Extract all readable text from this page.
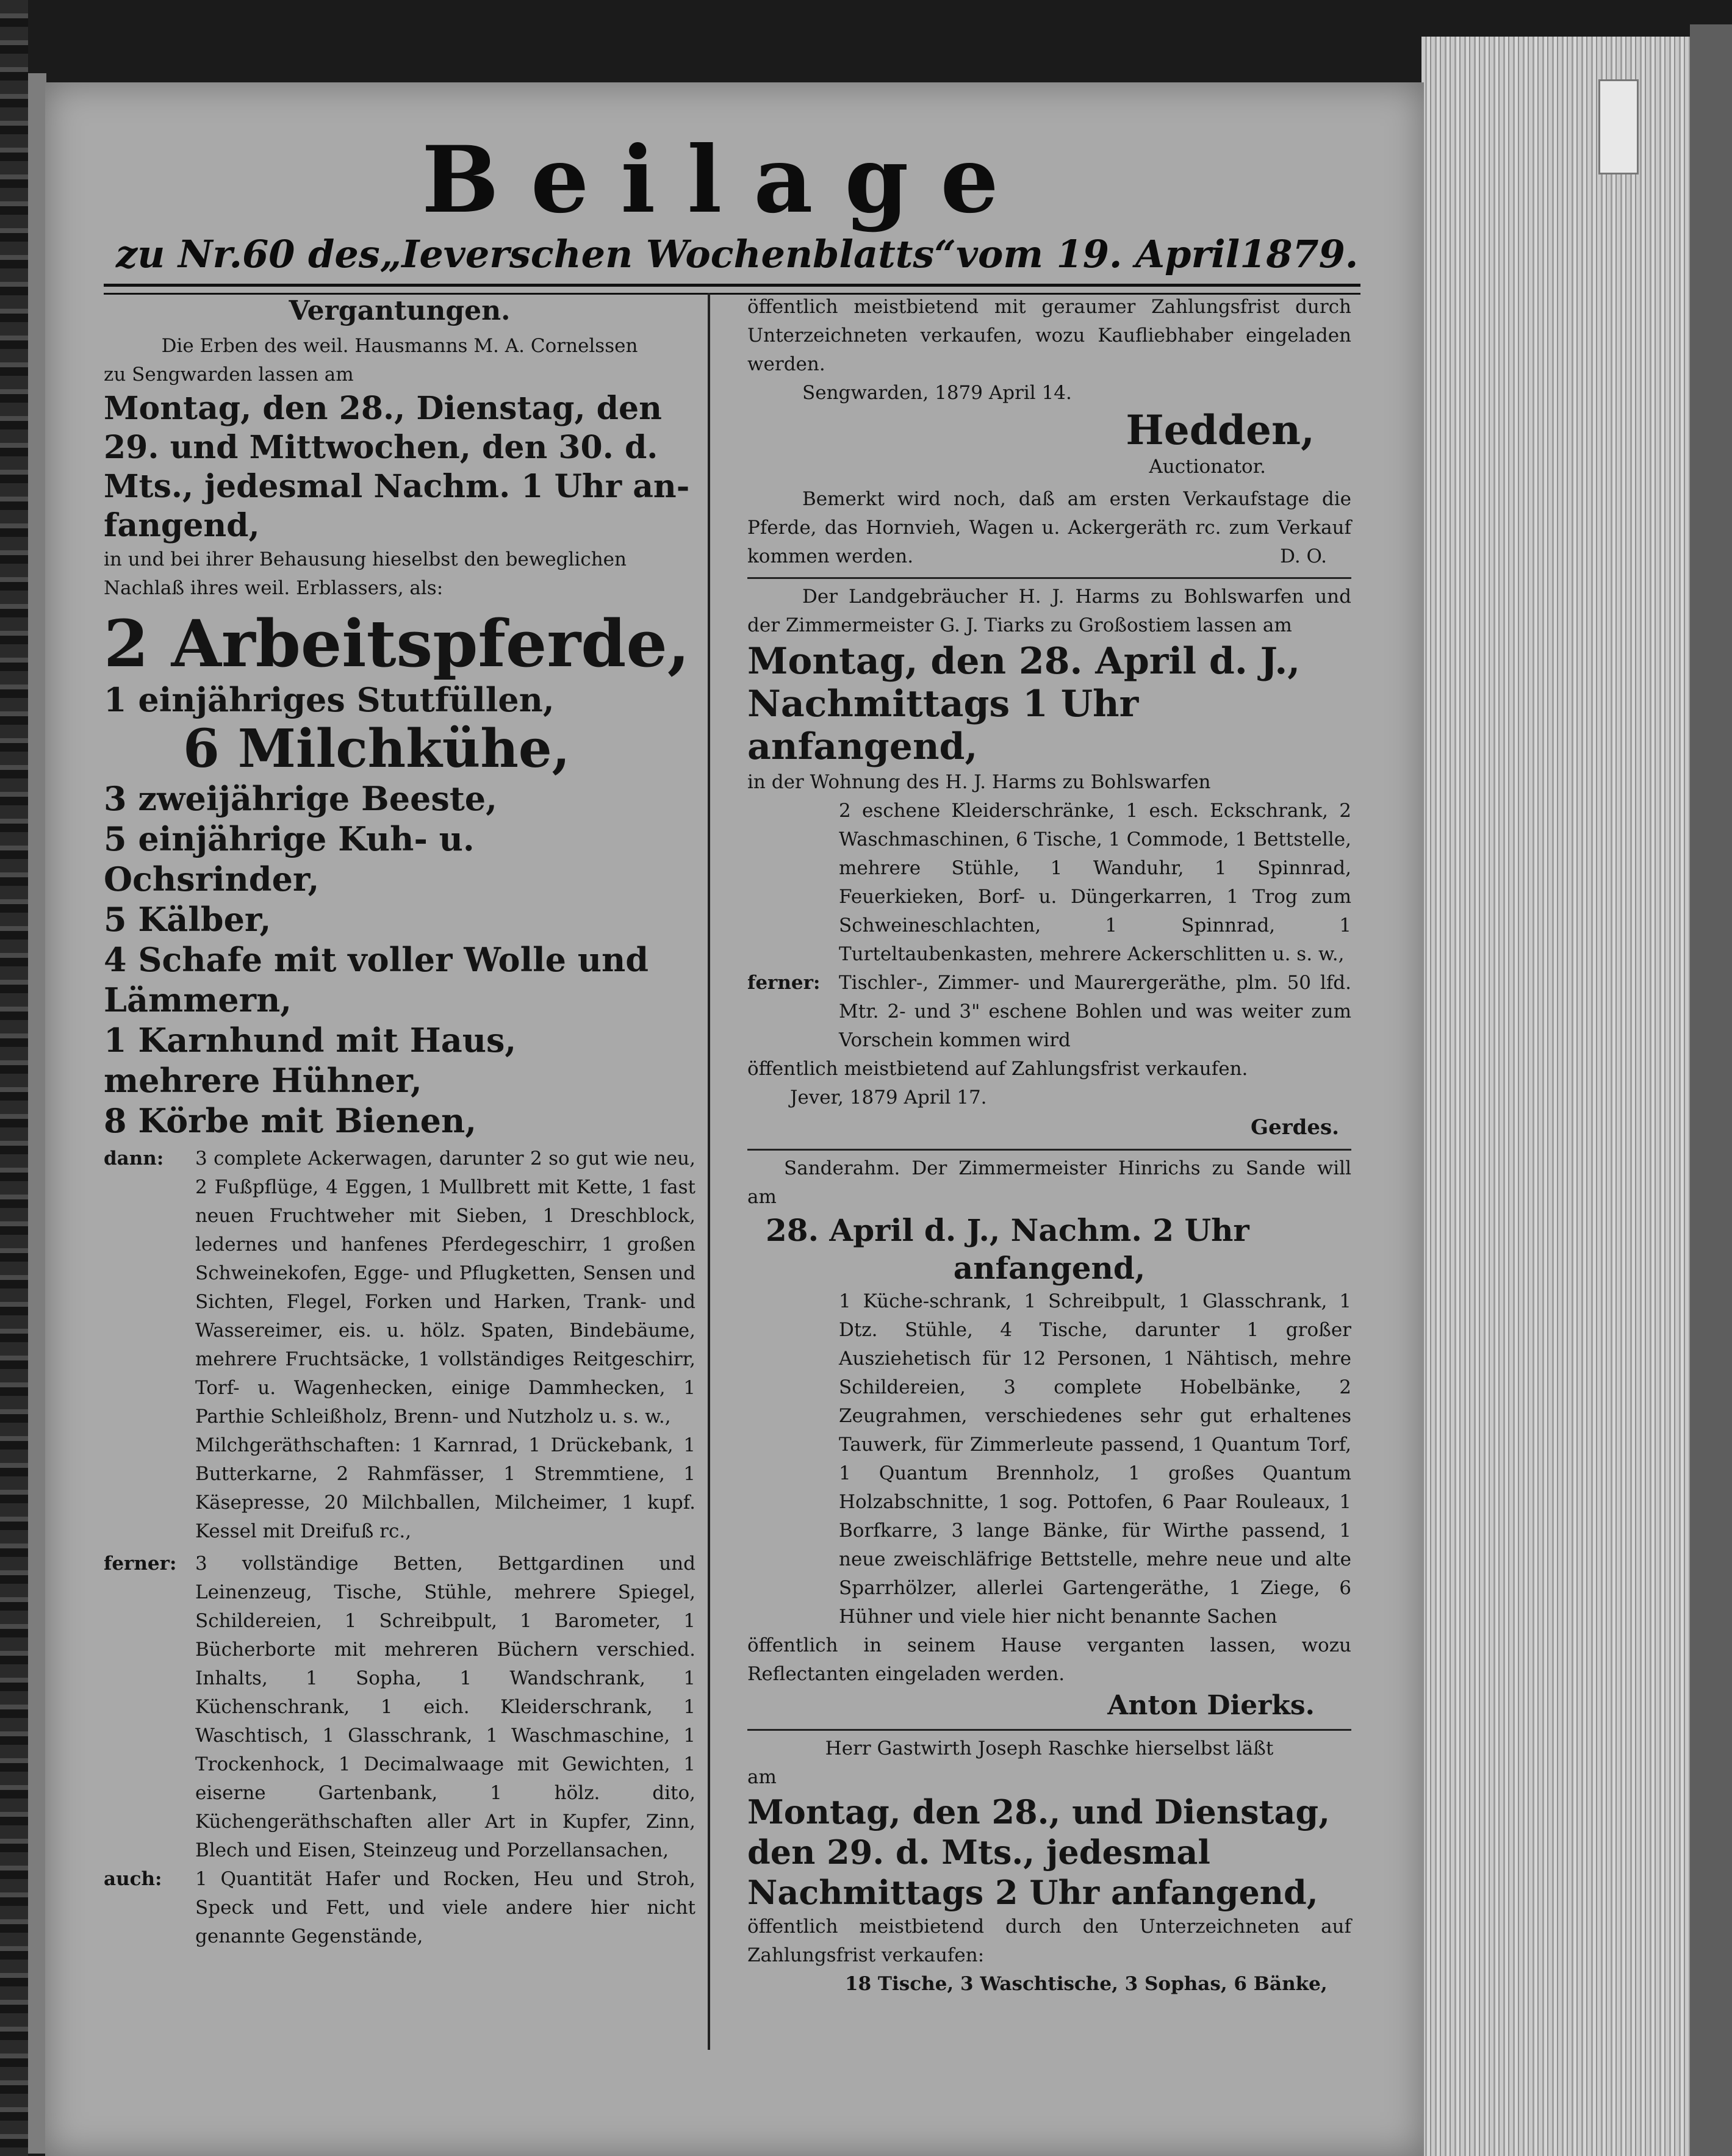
Beilage
zu Nr. 60 des „Ieverschen Wochenblatts“ vom 19. April 1879.
Vergantungen.
Die Erben des weil. Hausmanns M. A. Cornelssen
zu Sengwarden lassen am
Montag, den 28., Dienstag, den
29. und Mittwochen, den 30. d.
Mts., jedesmal Nachm. 1 Uhr an-
fangend,
in und bei ihrer Behausung hieselbst den beweglichen
Nachlaß ihres weil. Erblassers, als:
2 Arbeitspferde,
1 einjähriges Stutfüllen,
6 Milchkühe,
3 zweijährige Beeste,
5 einjährige Kuh- u. Ochsrinder,
5 Kälber,
4 Schafe mit voller Wolle und
Lämmern,
1 Karnhund mit Haus,
mehrere Hühner,
8 Körbe mit Bienen,
dann:	3 complete Ackerwagen, darunter 2 so gut wie neu, 2 Fußpflüge, 4 Eggen, 1 Mullbrett mit Kette, 1 fast neuen Fruchtweher mit Sieben, 1 Dreschblock, ledernes und hanfenes Pferdegeschirr, 1 großen Schweinekofen, Egge- und Pflugketten, Sensen und Sichten, Flegel, Forken und Harken, Trank- und Wassereimer, eis. u. hölz. Spaten, Bindebäume, mehrere Fruchtsäcke, 1 vollständiges Reitgeschirr, Torf- u. Wagenhecken, einige Dammhecken, 1 Parthie Schleißholz, Brenn- und Nutzholz u. s. w.,
Milchgeräthschaften: 1 Karnrad, 1 Drückebank, 1 Butterkarne, 2 Rahmfässer, 1 Stremmtiene, 1 Käsepresse, 20 Milchballen, Milcheimer, 1 kupf. Kessel mit Dreifuß rc.,
ferner: 3 vollständige Betten, Bettgardinen und Leinenzeug, Tische, Stühle, mehrere Spiegel, Schildereien, 1 Schreibpult, 1 Barometer, 1 Bücherborte mit mehreren Büchern verschied. Inhalts, 1 Sopha, 1 Wandschrank, 1 Küchenschrank, 1 eich. Kleiderschrank, 1 Waschtisch, 1 Glasschrank, 1 Waschmaschine, 1 Trockenhock, 1 Decimalwaage mit Gewichten, 1 eiserne Gartenbank, 1 hölz. dito, Küchengeräthschaften aller Art in Kupfer, Zinn, Blech und Eisen, Steinzeug und Porzellansachen,
auch:	1 Quantität Hafer und Rocken, Heu und Stroh, Speck und Fett, und viele andere hier nicht genannte Gegenstände,
öffentlich meistbietend mit geraumer Zahlungsfrist durch Unterzeichneten verkaufen, wozu Kaufliebhaber eingeladen werden.
Sengwarden, 1879 April 14.
Hedden,
Auctionator.
Bemerkt wird noch, daß am ersten Verkaufstage die Pferde, das Hornvieh, Wagen u. Ackergeräth rc. zum Verkauf kommen werden.	D. O.
Der Landgebräucher H. J. Harms zu Bohlswarfen und der Zimmermeister G. J. Tiarks zu Großostiem lassen am
Montag, den 28. April d. J.,
Nachmittags 1 Uhr anfangend,
in der Wohnung des H. J. Harms zu Bohlswarfen
2 eschene Kleiderschränke, 1 esch. Eckschrank, 2 Waschmaschinen, 6 Tische, 1 Commode, 1 Bettstelle, mehrere Stühle, 1 Wanduhr, 1 Spinnrad, Feuerkieken, Borf- u. Düngerkarren, 1 Trog zum Schweineschlachten, 1 Spinnrad, 1 Turteltaubenkasten, mehrere Ackerschlitten u. s. w.,
ferner: Tischler-, Zimmer- und Maurergeräthe, plm. 50 lfd. Mtr. 2- und 3" eschene Bohlen und was weiter zum Vorschein kommen wird
öffentlich meistbietend auf Zahlungsfrist verkaufen.
Jever, 1879 April 17.
Gerdes.
Sanderahm. Der Zimmermeister Hinrichs zu Sande will am
28. April d. J., Nachm. 2 Uhr
anfangend,
1 Küche-schrank, 1 Schreibpult, 1 Glasschrank, 1 Dtz. Stühle, 4 Tische, darunter 1 großer Ausziehetisch für 12 Personen, 1 Nähtisch, mehre Schildereien, 3 complete Hobelbänke, 2 Zeugrahmen, verschiedenes sehr gut erhaltenes Tauwerk, für Zimmerleute passend, 1 Quantum Torf, 1 Quantum Brennholz, 1 großes Quantum Holzabschnitte, 1 sog. Pottofen, 6 Paar Rouleaux, 1 Borfkarre, 3 lange Bänke, für Wirthe passend, 1 neue zweischläfrige Bettstelle, mehre neue und alte Sparrhölzer, allerlei Gartengeräthe, 1 Ziege, 6 Hühner und viele hier nicht benannte Sachen
öffentlich in seinem Hause verganten lassen, wozu Reflectanten eingeladen werden.
Anton Dierks.
Herr Gastwirth Joseph Raschke hierselbst läßt
am
Montag, den 28., und Dienstag,
den 29. d. Mts., jedesmal
Nachmittags 2 Uhr anfangend,
öffentlich meistbietend durch den Unterzeichneten auf Zahlungsfrist verkaufen:
18 Tische, 3 Waschtische, 3 Sophas, 6 Bänke,
